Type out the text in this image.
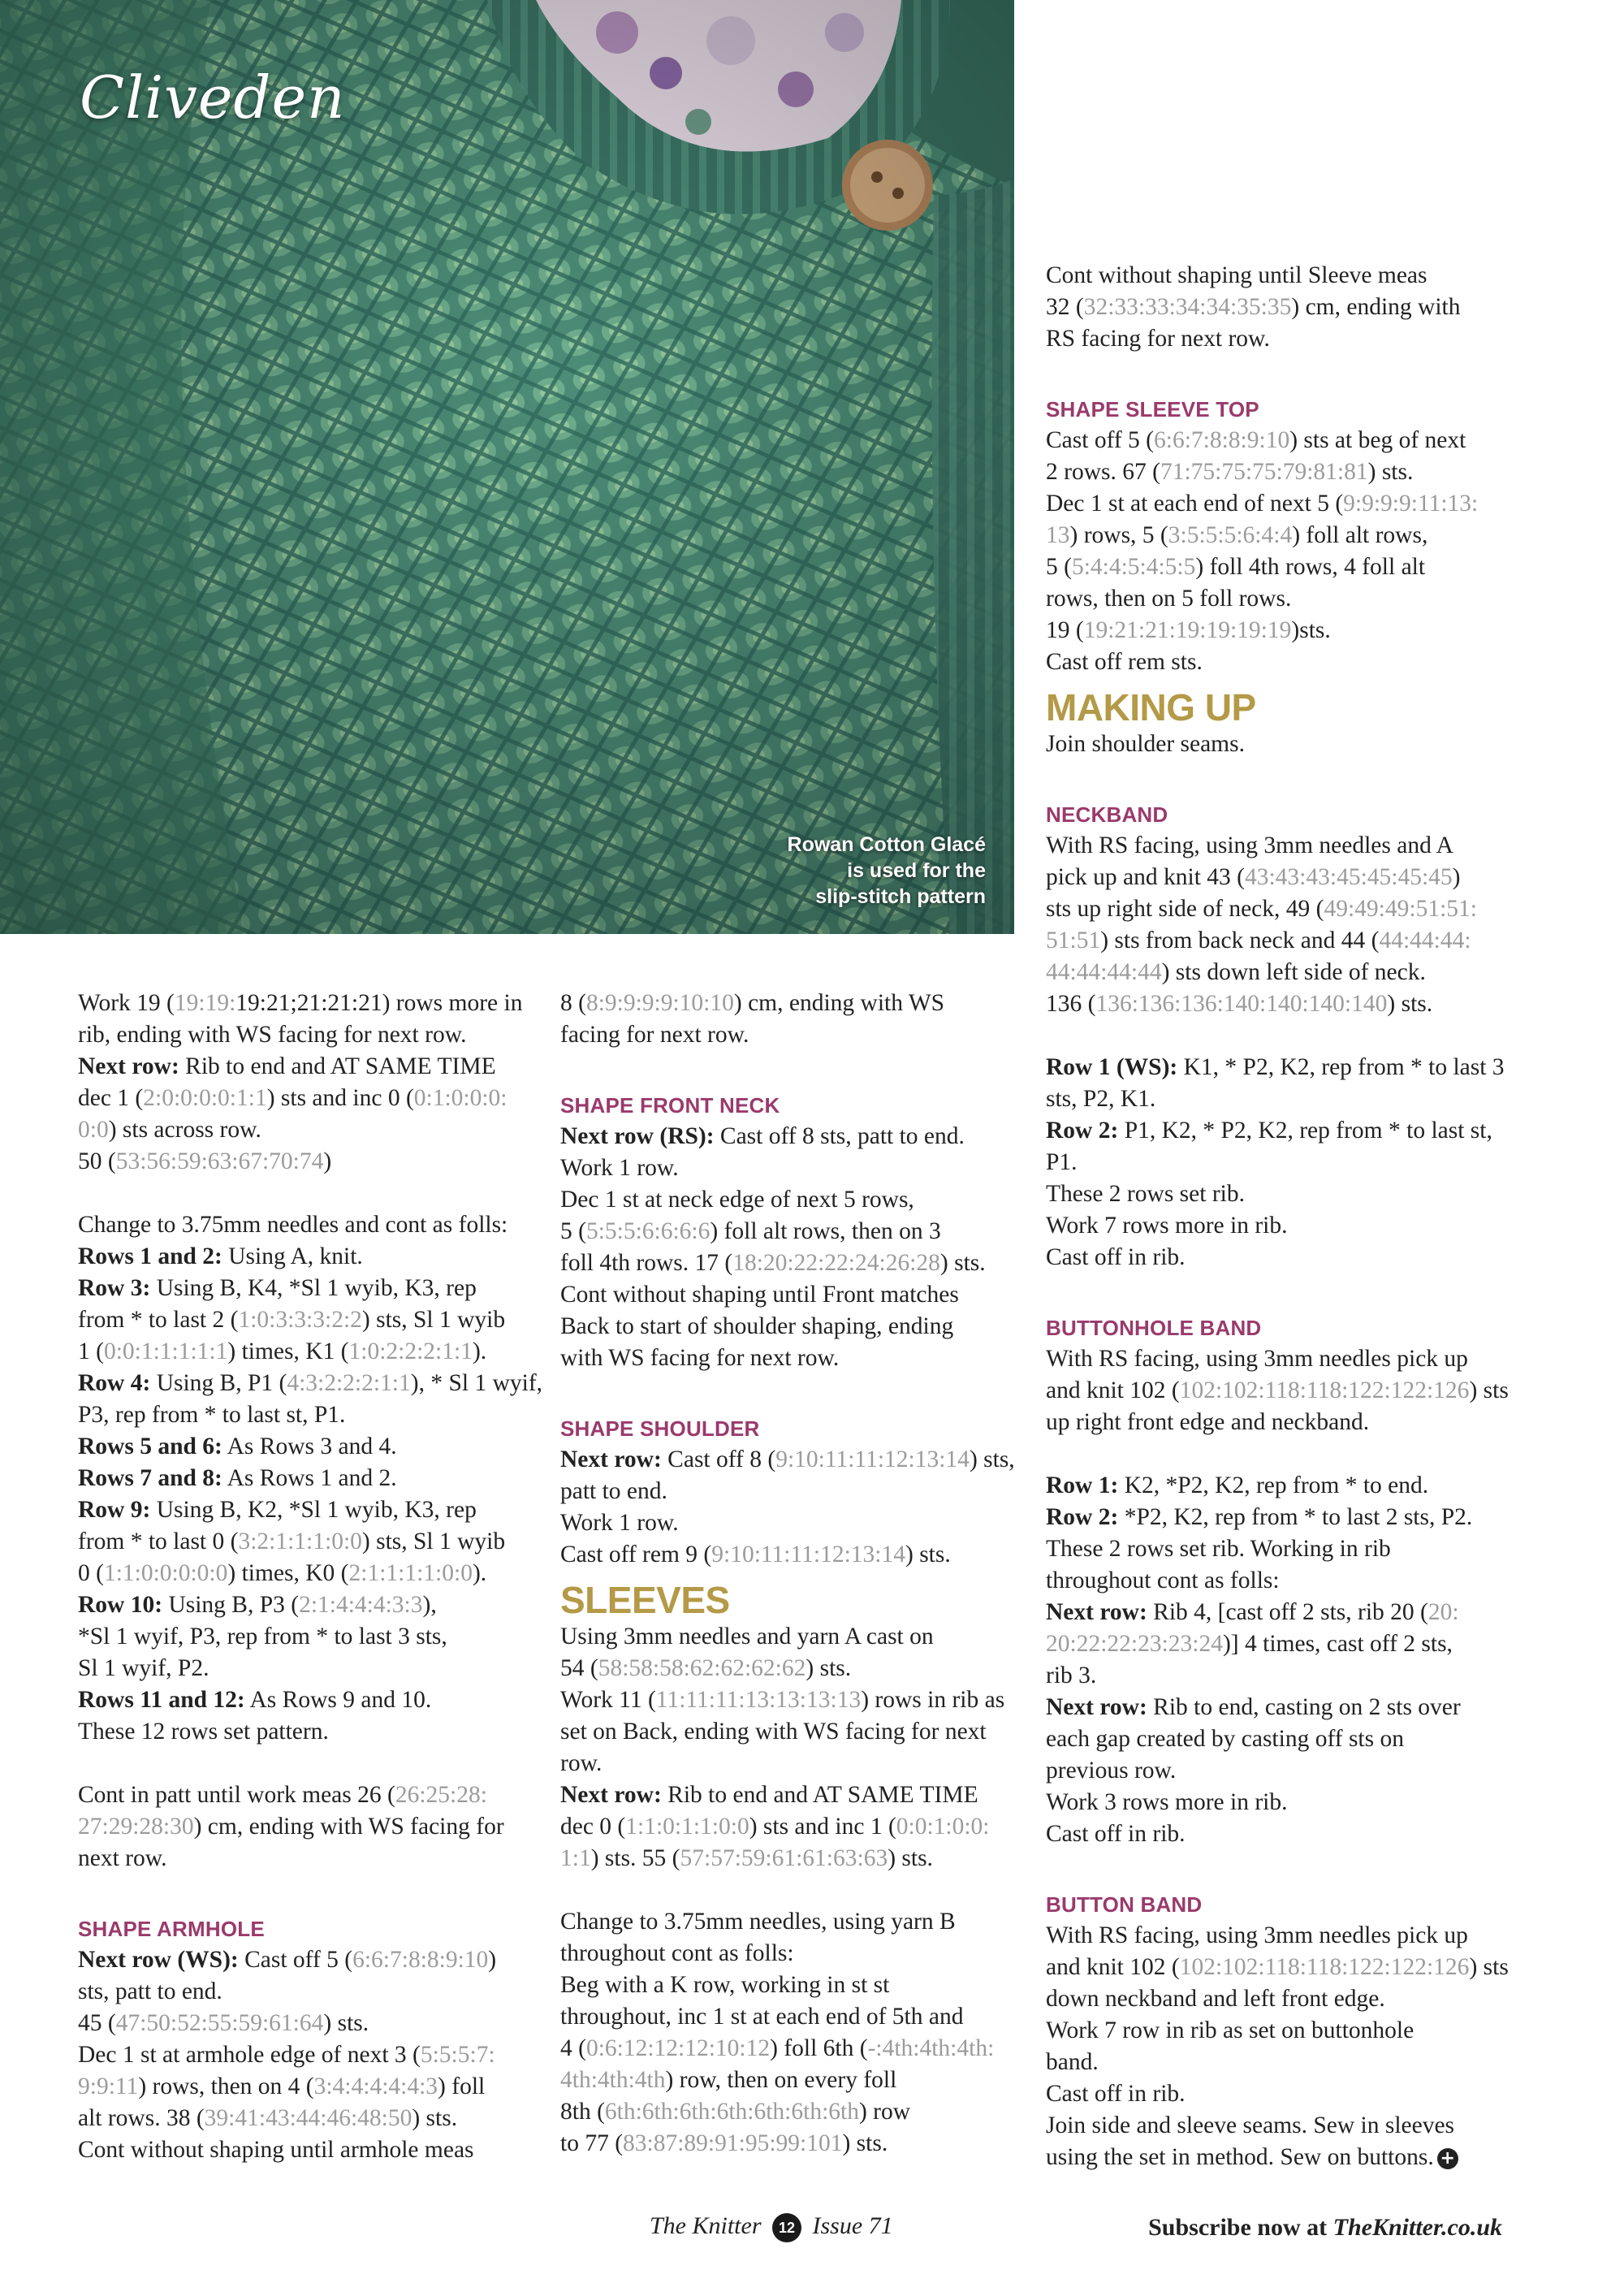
Cliveden
Rowan Cotton Glacé
is used for the
slip-stitch pattern
Work 19 (19:19:19:21;21:21:21) rows more in
rib, ending with WS facing for next row.
Next row: Rib to end and AT SAME TIME
dec 1 (2:0:0:0:0:1:1) sts and inc 0 (0:1:0:0:0:
0:0) sts across row.
50 (53:56:59:63:67:70:74)
Change to 3.75mm needles and cont as folls:
Rows 1 and 2: Using A, knit.
Row 3: Using B, K4, *Sl 1 wyib, K3, rep
from * to last 2 (1:0:3:3:3:2:2) sts, Sl 1 wyib
1 (0:0:1:1:1:1:1) times, K1 (1:0:2:2:2:1:1).
Row 4: Using B, P1 (4:3:2:2:2:1:1), * Sl 1 wyif,
P3, rep from * to last st, P1.
Rows 5 and 6: As Rows 3 and 4.
Rows 7 and 8: As Rows 1 and 2.
Row 9: Using B, K2, *Sl 1 wyib, K3, rep
from * to last 0 (3:2:1:1:1:0:0) sts, Sl 1 wyib
0 (1:1:0:0:0:0:0) times, K0 (2:1:1:1:1:0:0).
Row 10: Using B, P3 (2:1:4:4:4:3:3),
*Sl 1 wyif, P3, rep from * to last 3 sts,
Sl 1 wyif, P2.
Rows 11 and 12: As Rows 9 and 10.
These 12 rows set pattern.
Cont in patt until work meas 26 (26:25:28:
27:29:28:30) cm, ending with WS facing for
next row.
SHAPE ARMHOLE
Next row (WS): Cast off 5 (6:6:7:8:8:9:10)
sts, patt to end.
45 (47:50:52:55:59:61:64) sts.
Dec 1 st at armhole edge of next 3 (5:5:5:7:
9:9:11) rows, then on 4 (3:4:4:4:4:4:3) foll
alt rows. 38 (39:41:43:44:46:48:50) sts.
Cont without shaping until armhole meas
8 (8:9:9:9:9:10:10) cm, ending with WS
facing for next row.
SHAPE FRONT NECK
Next row (RS): Cast off 8 sts, patt to end.
Work 1 row.
Dec 1 st at neck edge of next 5 rows,
5 (5:5:5:6:6:6:6) foll alt rows, then on 3
foll 4th rows. 17 (18:20:22:22:24:26:28) sts.
Cont without shaping until Front matches
Back to start of shoulder shaping, ending
with WS facing for next row.
SHAPE SHOULDER
Next row: Cast off 8 (9:10:11:11:12:13:14) sts,
patt to end.
Work 1 row.
Cast off rem 9 (9:10:11:11:12:13:14) sts.
SLEEVES
Using 3mm needles and yarn A cast on
54 (58:58:58:62:62:62:62) sts.
Work 11 (11:11:11:13:13:13:13) rows in rib as
set on Back, ending with WS facing for next
row.
Next row: Rib to end and AT SAME TIME
dec 0 (1:1:0:1:1:0:0) sts and inc 1 (0:0:1:0:0:
1:1) sts. 55 (57:57:59:61:61:63:63) sts.
Change to 3.75mm needles, using yarn B
throughout cont as folls:
Beg with a K row, working in st st
throughout, inc 1 st at each end of 5th and
4 (0:6:12:12:12:10:12) foll 6th (-:4th:4th:4th:
4th:4th:4th) row, then on every foll
8th (6th:6th:6th:6th:6th:6th:6th) row
to 77 (83:87:89:91:95:99:101) sts.
Cont without shaping until Sleeve meas
32 (32:33:33:34:34:35:35) cm, ending with
RS facing for next row.
SHAPE SLEEVE TOP
Cast off 5 (6:6:7:8:8:9:10) sts at beg of next
2 rows. 67 (71:75:75:75:79:81:81) sts.
Dec 1 st at each end of next 5 (9:9:9:9:11:13:
13) rows, 5 (3:5:5:5:6:4:4) foll alt rows,
5 (5:4:4:5:4:5:5) foll 4th rows, 4 foll alt
rows, then on 5 foll rows.
19 (19:21:21:19:19:19:19)sts.
Cast off rem sts.
MAKING UP
Join shoulder seams.
NECKBAND
With RS facing, using 3mm needles and A
pick up and knit 43 (43:43:43:45:45:45:45)
sts up right side of neck, 49 (49:49:49:51:51:
51:51) sts from back neck and 44 (44:44:44:
44:44:44:44) sts down left side of neck.
136 (136:136:136:140:140:140:140) sts.
Row 1 (WS): K1, * P2, K2, rep from * to last 3
sts, P2, K1.
Row 2: P1, K2, * P2, K2, rep from * to last st,
P1.
These 2 rows set rib.
Work 7 rows more in rib.
Cast off in rib.
BUTTONHOLE BAND
With RS facing, using 3mm needles pick up
and knit 102 (102:102:118:118:122:122:126) sts
up right front edge and neckband.
Row 1: K2, *P2, K2, rep from * to end.
Row 2: *P2, K2, rep from * to last 2 sts, P2.
These 2 rows set rib. Working in rib
throughout cont as folls:
Next row: Rib 4, [cast off 2 sts, rib 20 (20:
20:22:22:23:23:24)] 4 times, cast off 2 sts,
rib 3.
Next row: Rib to end, casting on 2 sts over
each gap created by casting off sts on
previous row.
Work 3 rows more in rib.
Cast off in rib.
BUTTON BAND
With RS facing, using 3mm needles pick up
and knit 102 (102:102:118:118:122:122:126) sts
down neckband and left front edge.
Work 7 row in rib as set on buttonhole
band.
Cast off in rib.
Join side and sleeve seams. Sew in sleeves
using the set in method. Sew on buttons. +
The Knitter 12 Issue 71	Subscribe now at TheKnitter.co.uk
